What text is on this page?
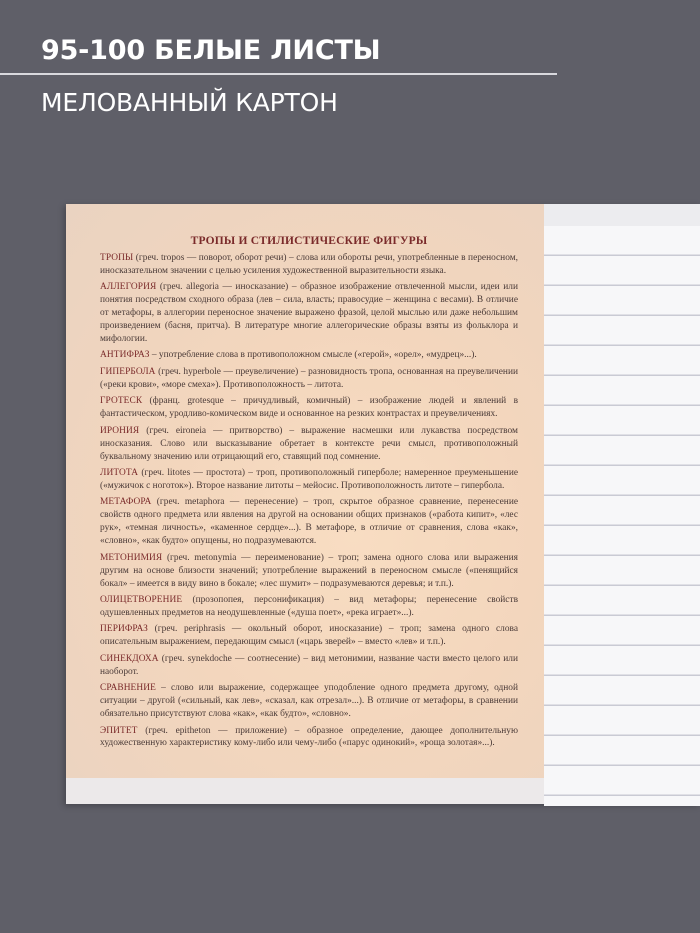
95-100 БЕЛЫЕ ЛИСТЫ
МЕЛОВАННЫЙ КАРТОН
ТРОПЫ И СТИЛИСТИЧЕСКИЕ ФИГУРЫ
ТРОПЫ (греч. tropos — поворот, оборот речи) – слова или обороты речи, употребленные в переносном, иносказательном значении с целью усиления художественной выразительности языка.
АЛЛЕГОРИЯ (греч. allegoria — иносказание) – образное изображение отвлеченной мысли, идеи или понятия посредством сходного образа (лев – сила, власть; правосудие – женщина с весами). В отличие от метафоры, в аллегории переносное значение выражено фразой, целой мыслью или даже небольшим произведением (басня, притча). В литературе многие аллегорические образы взяты из фольклора и мифологии.
АНТИФРАЗ – употребление слова в противоположном смысле («герой», «орел», «мудрец»...).
ГИПЕРБОЛА (греч. hyperbole — преувеличение) – разновидность тропа, основанная на преувеличении («реки крови», «море смеха»). Противоположность – литота.
ГРОТЕСК (франц. grotesque – причудливый, комичный) – изображение людей и явлений в фантастическом, уродливо-комическом виде и основанное на резких контрастах и преувеличениях.
ИРОНИЯ (греч. eironeia — притворство) – выражение насмешки или лукавства посредством иносказания. Слово или высказывание обретает в контексте речи смысл, противоположный буквальному значению или отрицающий его, ставящий под сомнение.
ЛИТОТА (греч. litotes — простота) – троп, противоположный гиперболе; намеренное преуменьшение («мужичок с ноготок»). Второе название литоты – мейосис. Противоположность литоте – гипербола.
МЕТАФОРА (греч. metaphora — перенесение) – троп, скрытое образное сравнение, перенесение свойств одного предмета или явления на другой на основании общих признаков («работа кипит», «лес рук», «темная личность», «каменное сердце»...). В метафоре, в отличие от сравнения, слова «как», «словно», «как будто» опущены, но подразумеваются.
МЕТОНИМИЯ (греч. metonymia — переименование) – троп; замена одного слова или выражения другим на основе близости значений; употребление выражений в переносном смысле («пенящийся бокал» – имеется в виду вино в бокале; «лес шумит» – подразумеваются деревья; и т.п.).
ОЛИЦЕТВОРЕНИЕ (прозопопея, персонификация) – вид метафоры; перенесение свойств одушевленных предметов на неодушевленные («душа поет», «река играет»...).
ПЕРИФРАЗ (греч. periphrasis — окольный оборот, иносказание) – троп; замена одного слова описательным выражением, передающим смысл («царь зверей» – вместо «лев» и т.п.).
СИНЕКДОХА (греч. synekdoche — соотнесение) – вид метонимии, название части вместо целого или наоборот.
СРАВНЕНИЕ – слово или выражение, содержащее уподобление одного предмета другому, одной ситуации – другой («сильный, как лев», «сказал, как отрезал»...). В отличие от метафоры, в сравнении обязательно присутствуют слова «как», «как будто», «словно».
ЭПИТЕТ (греч. epitheton — приложение) – образное определение, дающее дополнительную художественную характеристику кому-либо или чему-либо («парус одинокий», «роща золотая»...).
